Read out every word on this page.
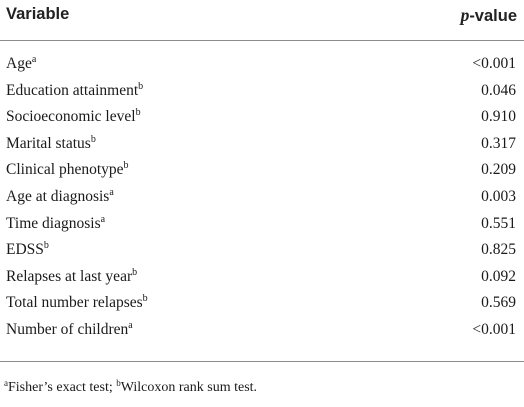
Variable	p-value
Age$^a$	<0.001
Education attainment$^b$	0.046
Socioeconomic level$^b$	0.910
Marital status$^b$	0.317
Clinical phenotype$^b$	0.209
Age at diagnosis$^a$	0.003
Time diagnosis$^a$	0.551
EDSS$^b$	0.825
Relapses at last year$^b$	0.092
Total number relapses$^b$	0.569
Number of children$^a$	<0.001
$^a$Fisher’s exact test; $^b$Wilcoxon rank sum test.
